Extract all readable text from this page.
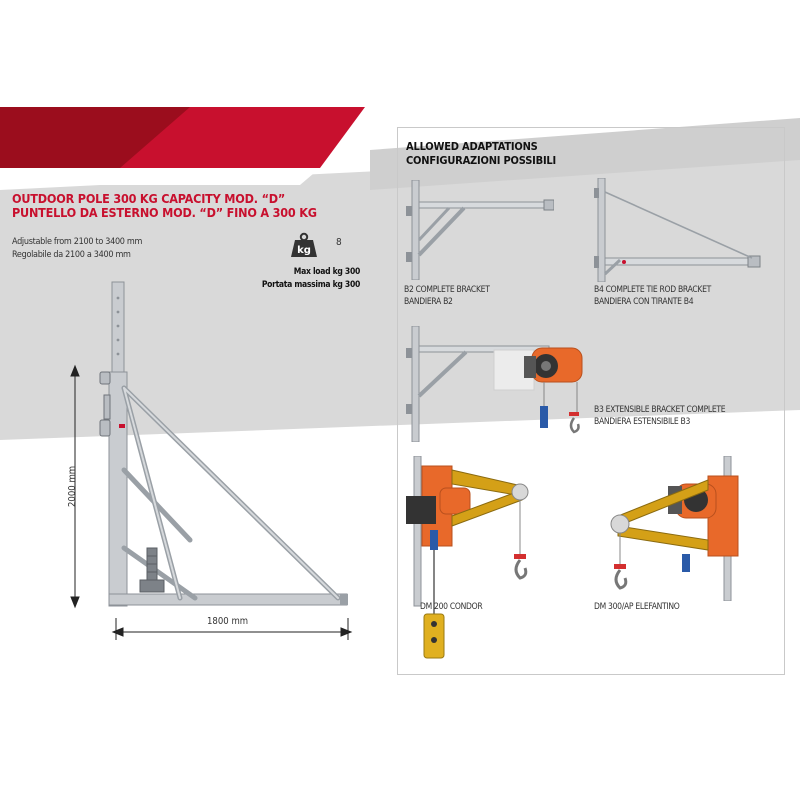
OUTDOOR POLE 300 KG CAPACITY MOD. “D”
PUNTELLO DA ESTERNO MOD. “D” FINO A 300 KG
Adjustable from 2100 to 3400 mm
Regolabile da 2100 a 3400 mm	kg
8
Max load kg 300
Portata massima kg 300
2000 mm
1800 mm
ALLOWED ADAPTATIONS
CONFIGURAZIONI POSSIBILI
B2 COMPLETE BRACKET
BANDIERA B2
B4 COMPLETE TIE ROD BRACKET
BANDIERA CON TIRANTE B4
B3 EXTENSIBLE BRACKET COMPLETE
BANDIERA ESTENSIBILE B3
DM 200 CONDOR	DM 300/AP ELEFANTINO
